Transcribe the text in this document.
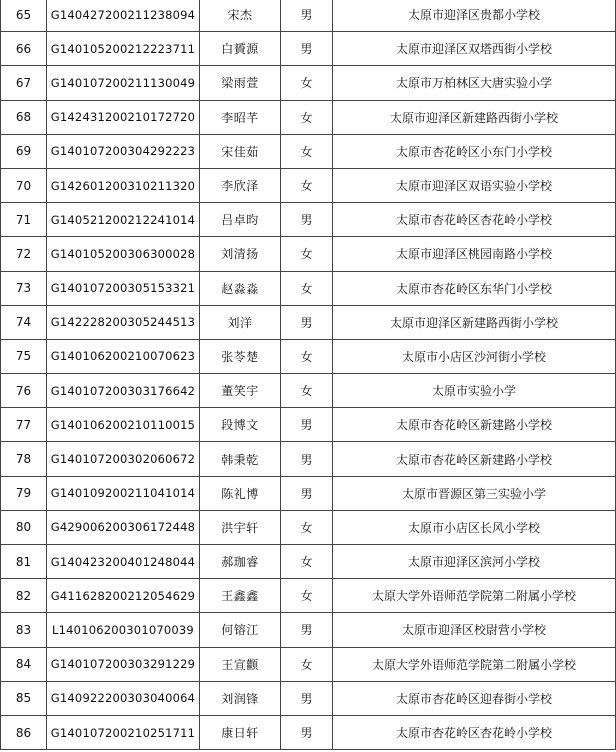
65	G140427200211238094	宋杰	男	太原市迎泽区贵都小学校
66	G140105200212223711	白贇源	男	太原市迎泽区双塔西街小学校
67	G140107200211130049	梁雨萱	女	太原市万柏林区大唐实验小学
68	G142431200210172720	李昭芊	女	太原市迎泽区新建路西街小学校
69	G140107200304292223	宋佳茹	女	太原市杏花岭区小东门小学校
70	G142601200310211320	李欣泽	女	太原市迎泽区双语实验小学校
71	G140521200212241014	吕卓昀	男	太原市杏花岭区杏花岭小学校
72	G140105200306300028	刘清扬	女	太原市迎泽区桃园南路小学校
73	G140107200305153321	赵淼淼	女	太原市杏花岭区东华门小学校
74	G142228200305244513	刘洋	男	太原市迎泽区新建路西街小学校
75	G140106200210070623	张苓楚	女	太原市小店区沙河街小学校
76	G140107200303176642	董笑宇	女	太原市实验小学
77	G140106200210110015	段博文	男	太原市杏花岭区新建路小学校
78	G140107200302060672	韩秉乾	男	太原市杏花岭区新建路小学校
79	G140109200211041014	陈礼博	男	太原市晋源区第三实验小学
80	G429006200306172448	洪宇轩	女	太原市小店区长风小学校
81	G140423200401248044	郝珈睿	女	太原市迎泽区滨河小学校
82	G411628200212054629	王鑫鑫	女	太原大学外语师范学院第二附属小学校
83	L140106200301070039	何镕江	男	太原市迎泽区校尉营小学校
84	G140107200303291229	王宣颧	女	太原大学外语师范学院第二附属小学校
85	G140922200303040064	刘润锋	男	太原市杏花岭区迎春街小学校
86	G140107200210251711	康日轩	男	太原市杏花岭区杏花岭小学校
